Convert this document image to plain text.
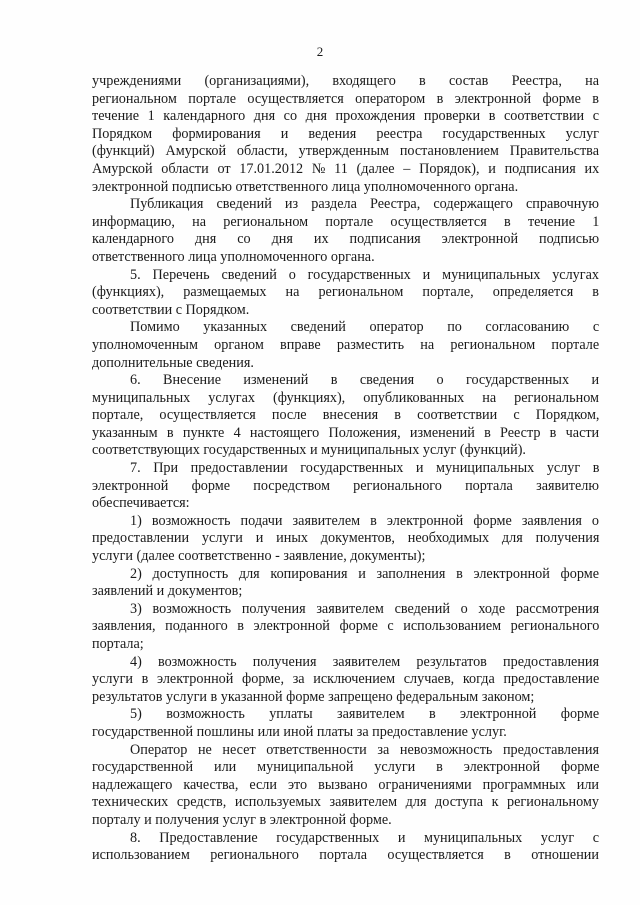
2
учреждениями (организациями), входящего в состав Реестра, на
региональном портале осуществляется оператором в электронной форме в
течение 1 календарного дня со дня прохождения проверки в соответствии с
Порядком формирования и ведения реестра государственных услуг
(функций) Амурской области, утвержденным постановлением Правительства
Амурской области от 17.01.2012 № 11 (далее – Порядок), и подписания их
электронной подписью ответственного лица уполномоченного органа.
Публикация сведений из раздела Реестра, содержащего справочную
информацию, на региональном портале осуществляется в течение 1
календарного дня со дня их подписания электронной подписью
ответственного лица уполномоченного органа.
5. Перечень сведений о государственных и муниципальных услугах
(функциях), размещаемых на региональном портале, определяется в
соответствии с Порядком.
Помимо указанных сведений оператор по согласованию с
уполномоченным органом вправе разместить на региональном портале
дополнительные сведения.
6. Внесение изменений в сведения о государственных и
муниципальных услугах (функциях), опубликованных на региональном
портале, осуществляется после внесения в соответствии с Порядком,
указанным в пункте 4 настоящего Положения, изменений в Реестр в части
соответствующих государственных и муниципальных услуг (функций).
7. При предоставлении государственных и муниципальных услуг в
электронной форме посредством регионального портала заявителю
обеспечивается:
1) возможность подачи заявителем в электронной форме заявления о
предоставлении услуги и иных документов, необходимых для получения
услуги (далее соответственно - заявление, документы);
2) доступность для копирования и заполнения в электронной форме
заявлений и документов;
3) возможность получения заявителем сведений о ходе рассмотрения
заявления, поданного в электронной форме с использованием регионального
портала;
4) возможность получения заявителем результатов предоставления
услуги в электронной форме, за исключением случаев, когда предоставление
результатов услуги в указанной форме запрещено федеральным законом;
5) возможность уплаты заявителем в электронной форме
государственной пошлины или иной платы за предоставление услуг.
Оператор не несет ответственности за невозможность предоставления
государственной или муниципальной услуги в электронной форме
надлежащего качества, если это вызвано ограничениями программных или
технических средств, используемых заявителем для доступа к региональному
порталу и получения услуг в электронной форме.
8. Предоставление государственных и муниципальных услуг с
использованием регионального портала осуществляется в отношении
